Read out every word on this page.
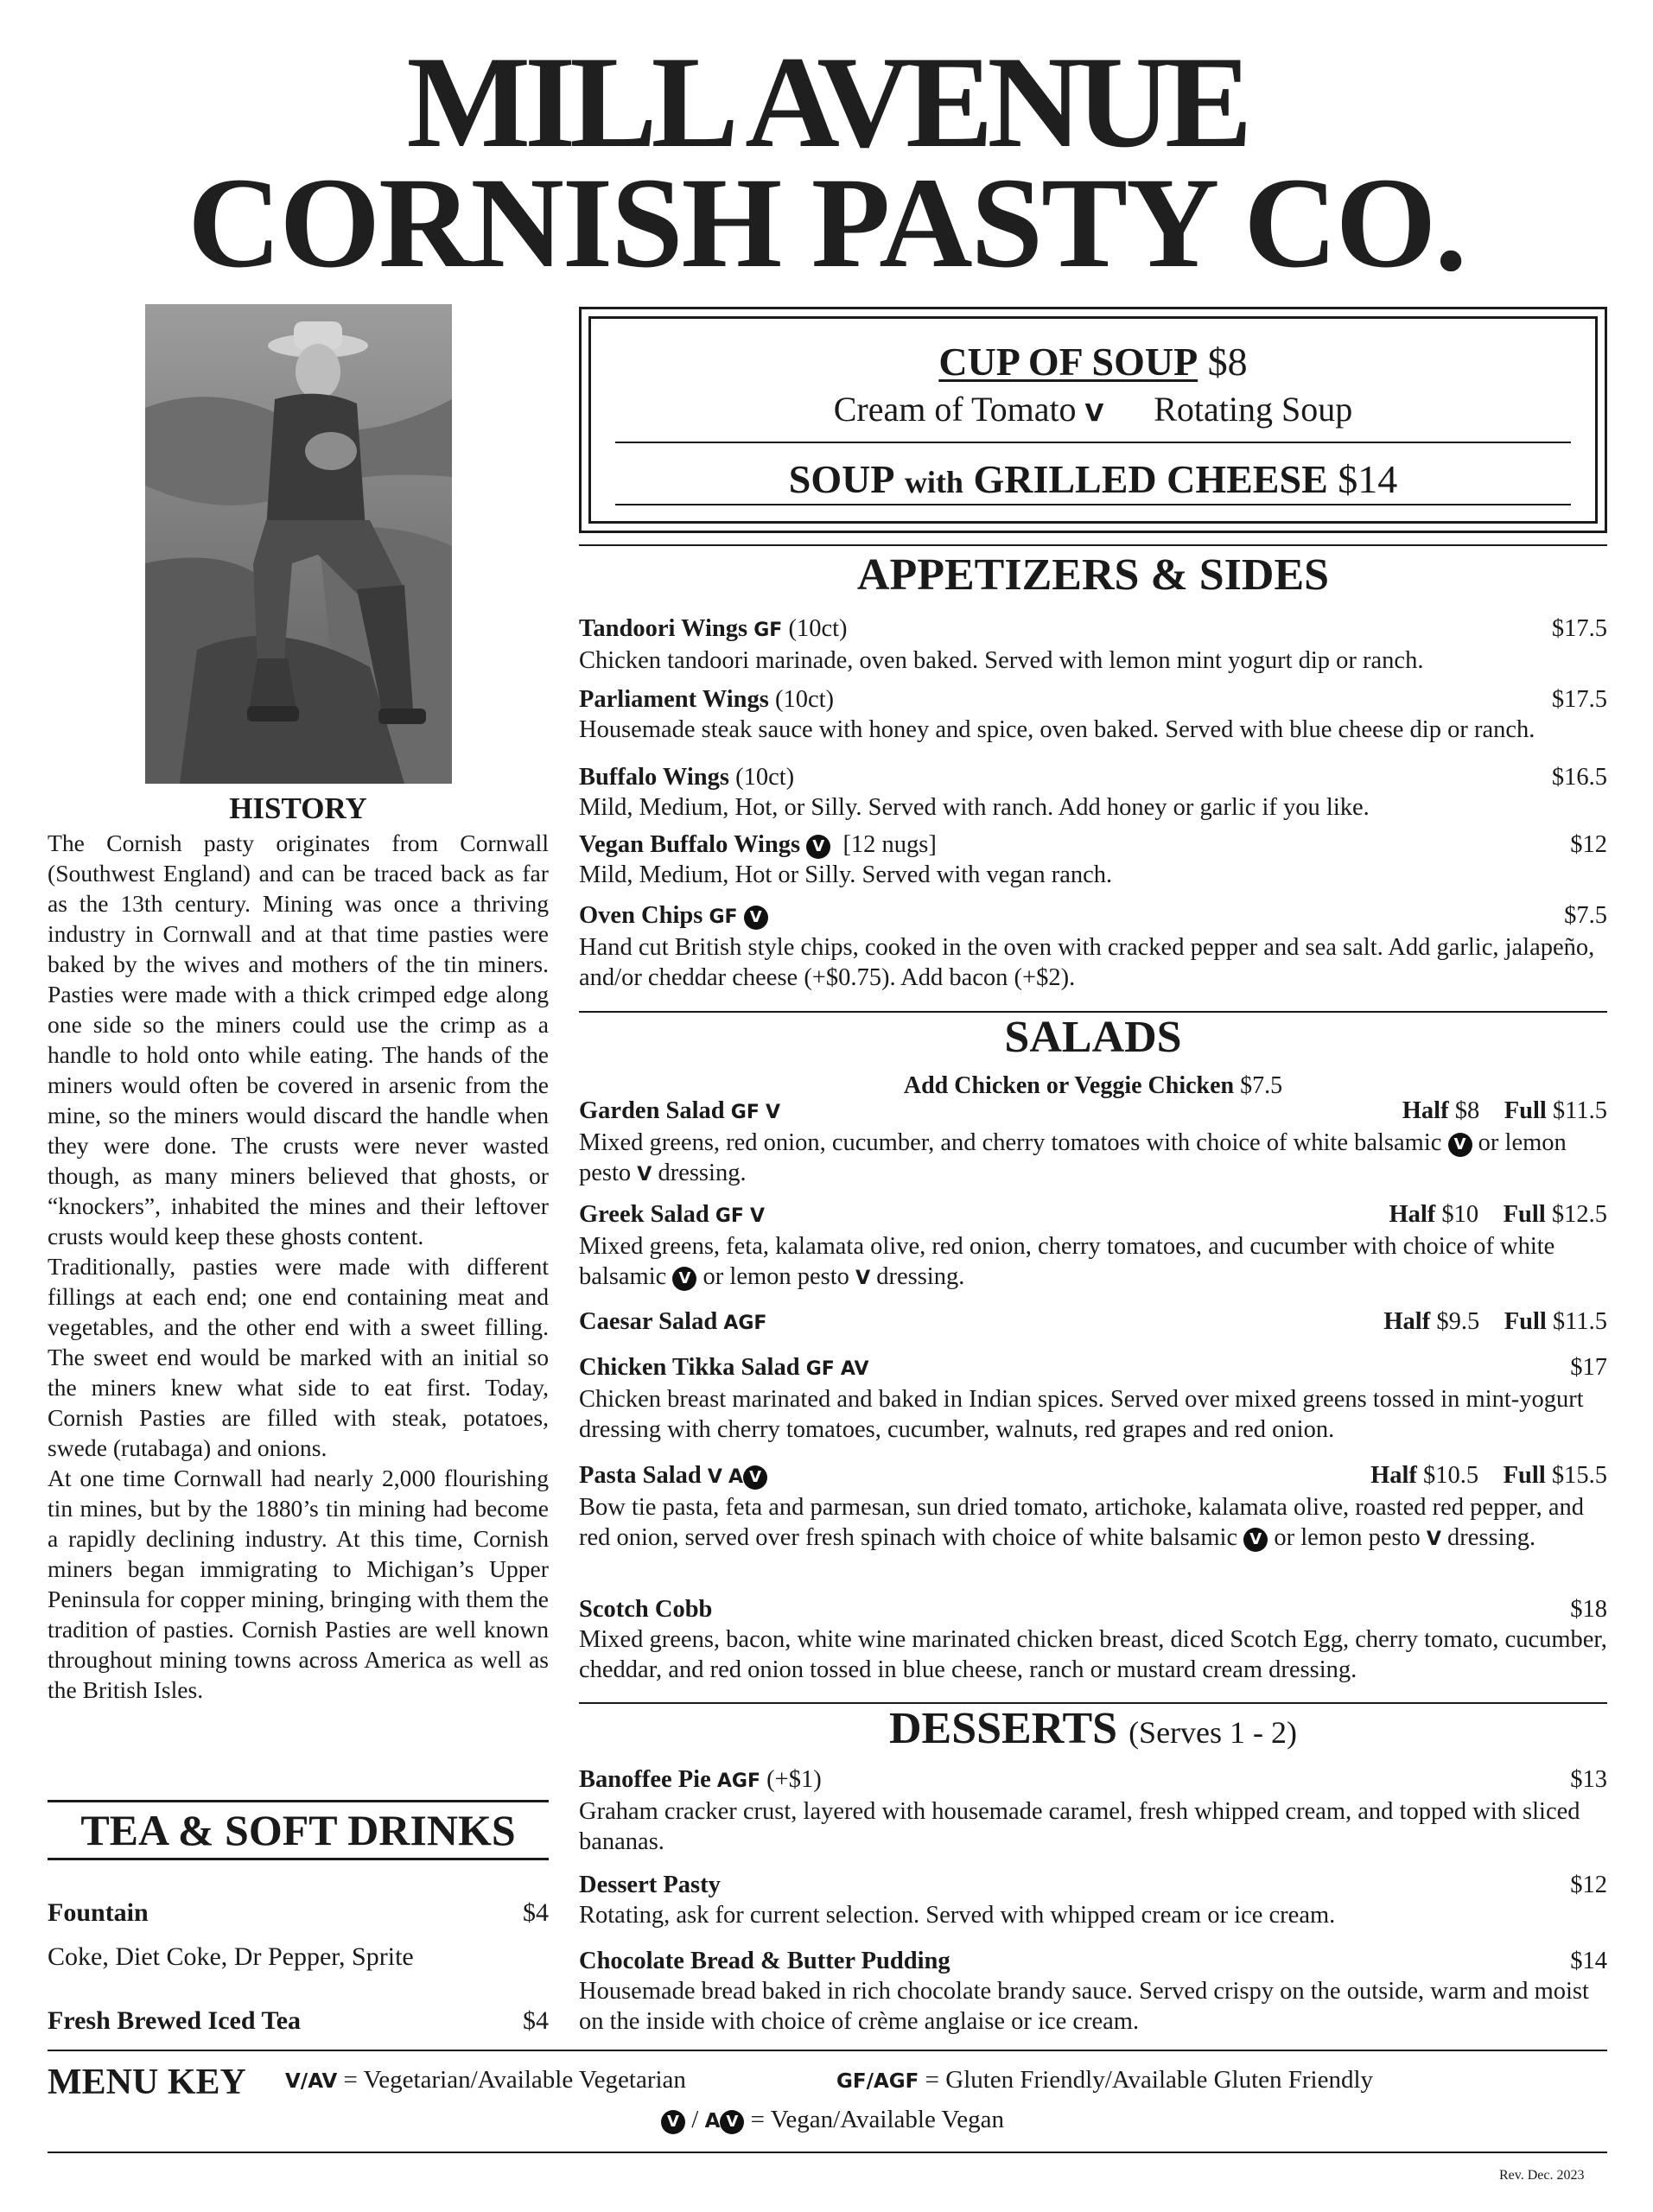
MILL AVENUE
CORNISH PASTY CO.
HISTORY

The Cornish pasty originates from Cornwall (Southwest England) and can be traced back as far as the 13th century. Mining was once a thriving industry in Cornwall and at that time pasties were baked by the wives and mothers of the tin miners. Pasties were made with a thick crimped edge along one side so the miners could use the crimp as a handle to hold onto while eating. The hands of the miners would often be covered in arsenic from the mine, so the miners would discard the handle when they were done. The crusts were never wasted though, as many miners believed that ghosts, or “knockers”, inhabited the mines and their leftover crusts would keep these ghosts content.

Traditionally, pasties were made with different fillings at each end; one end containing meat and vegetables, and the other end with a sweet filling. The sweet end would be marked with an initial so the miners knew what side to eat first. Today, Cornish Pasties are filled with steak, potatoes, swede (rutabaga) and onions.

At one time Cornwall had nearly 2,000 flourishing tin mines, but by the 1880’s tin mining had become a rapidly declining industry. At this time, Cornish miners began immigrating to Michigan’s Upper Peninsula for copper mining, bringing with them the tradition of pasties. Cornish Pasties are well known throughout mining towns across America as well as the British Isles.

TEA & SOFT DRINKS
Fountain	$4
Coke, Diet Coke, Dr Pepper, Sprite
Fresh Brewed Iced Tea	$4
CUP OF SOUP $8
Cream of Tomato V Rotating Soup
SOUP with GRILLED CHEESE $14
APPETIZERS & SIDES
Tandoori Wings GF (10ct)	$17.5

Chicken tandoori marinade, oven baked. Served with lemon mint yogurt dip or ranch.

Parliament Wings (10ct)	$17.5

Housemade steak sauce with honey and spice, oven baked. Served with blue cheese dip or ranch.

Buffalo Wings (10ct)	$16.5

Mild, Medium, Hot, or Silly. Served with ranch. Add honey or garlic if you like.

Vegan Buffalo Wings V [12 nugs]	$12

Mild, Medium, Hot or Silly. Served with vegan ranch.

Oven Chips GF V	$7.5

Hand cut British style chips, cooked in the oven with cracked pepper and sea salt. Add garlic, jalapeño, and/or cheddar cheese (+$0.75). Add bacon (+$2).

SALADS
Add Chicken or Veggie Chicken $7.5
Garden Salad GF V	Half $8 Full $11.5

Mixed greens, red onion, cucumber, and cherry tomatoes with choice of white balsamic V or lemon pesto V dressing.

Greek Salad GF V	Half $10 Full $12.5

Mixed greens, feta, kalamata olive, red onion, cherry tomatoes, and cucumber with choice of white balsamic V or lemon pesto V dressing.

Caesar Salad AGF	Half $9.5 Full $11.5
Chicken Tikka Salad GF AV	$17

Chicken breast marinated and baked in Indian spices. Served over mixed greens tossed in mint-yogurt dressing with cherry tomatoes, cucumber, walnuts, red grapes and red onion.

Pasta Salad V A V	Half $10.5 Full $15.5

Bow tie pasta, feta and parmesan, sun dried tomato, artichoke, kalamata olive, roasted red pepper, and red onion, served over fresh spinach with choice of white balsamic V or lemon pesto V dressing.

Scotch Cobb	$18

Mixed greens, bacon, white wine marinated chicken breast, diced Scotch Egg, cherry tomato, cucumber, cheddar, and red onion tossed in blue cheese, ranch or mustard cream dressing.

DESSERTS (Serves 1 - 2)
Banoffee Pie AGF (+$1)	$13

Graham cracker crust, layered with housemade caramel, fresh whipped cream, and topped with sliced bananas.

Dessert Pasty	$12

Rotating, ask for current selection. Served with whipped cream or ice cream.

Chocolate Bread & Butter Pudding	$14

Housemade bread baked in rich chocolate brandy sauce. Served crispy on the outside, warm and moist on the inside with choice of crème anglaise or ice cream.

MENU KEY V/AV = Vegetarian/Available Vegetarian	GF/AGF = Gluten Friendly/Available Gluten Friendly
V / A V = Vegan/Available Vegan
Rev. Dec. 2023
